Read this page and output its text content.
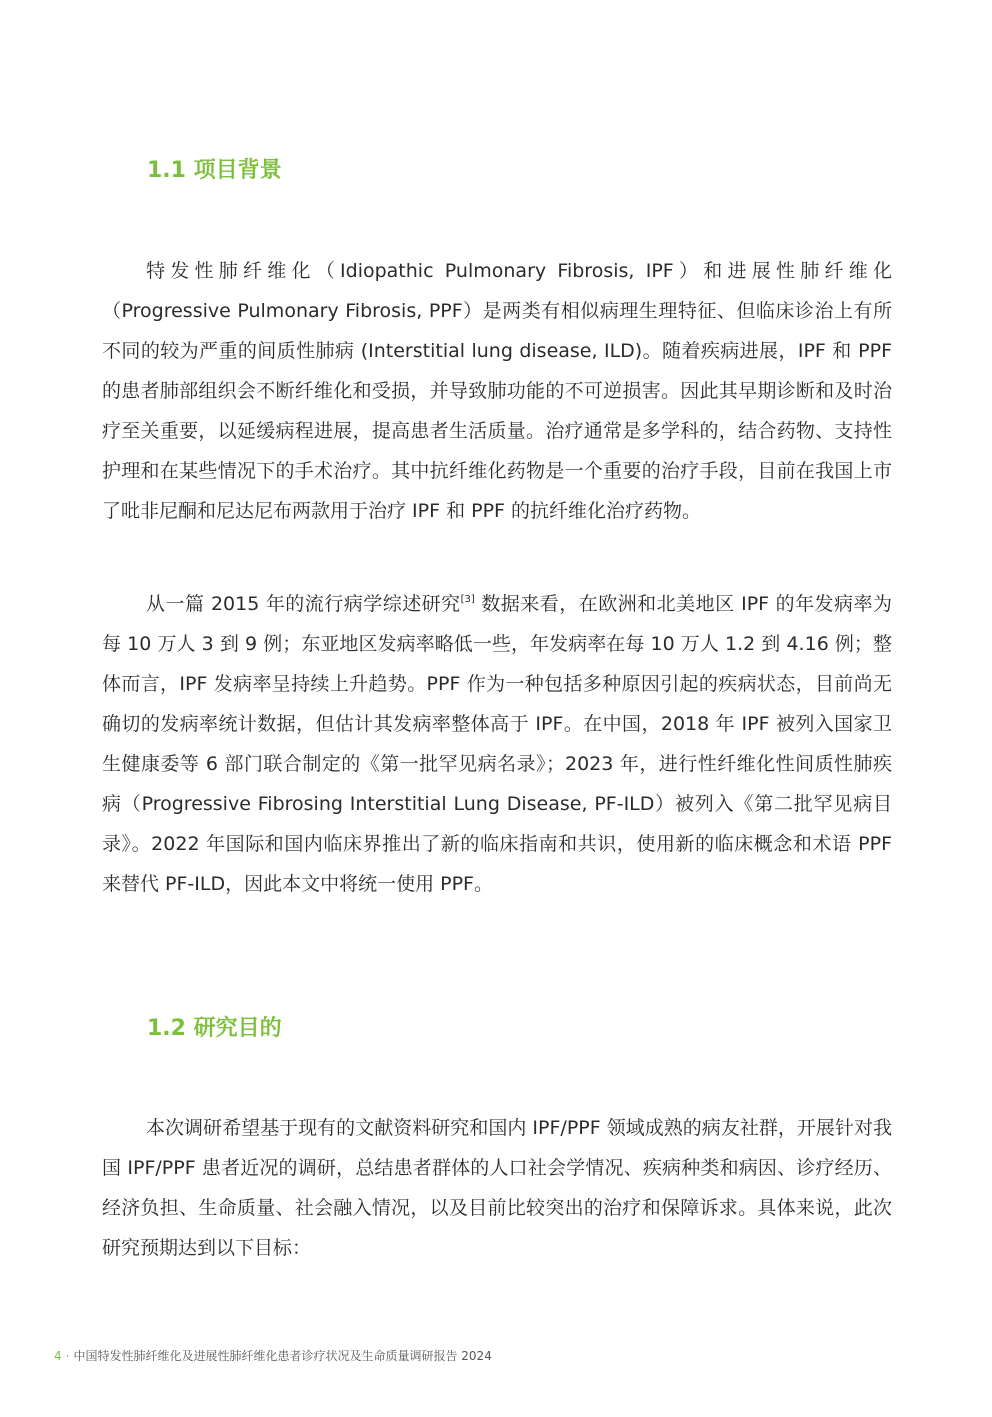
1.1 项目背景

特发性肺纤维化（Idiopathic Pulmonary Fibrosis, IPF）和进展性肺纤维化（Progressive Pulmonary Fibrosis, PPF）是两类有相似病理生理特征、但临床诊治上有所不同的较为严重的间质性肺病 (Interstitial lung disease, ILD)。随着疾病进展，IPF 和 PPF 的患者肺部组织会不断纤维化和受损，并导致肺功能的不可逆损害。因此其早期诊断和及时治疗至关重要，以延缓病程进展，提高患者生活质量。治疗通常是多学科的，结合药物、支持性护理和在某些情况下的手术治疗。其中抗纤维化药物是一个重要的治疗手段，目前在我国上市了吡非尼酮和尼达尼布两款用于治疗 IPF 和 PPF 的抗纤维化治疗药物。

从一篇 2015 年的流行病学综述研究[3] 数据来看，在欧洲和北美地区 IPF 的年发病率为每 10 万人 3 到 9 例；东亚地区发病率略低一些，年发病率在每 10 万人 1.2 到 4.16 例；整体而言，IPF 发病率呈持续上升趋势。PPF 作为一种包括多种原因引起的疾病状态，目前尚无确切的发病率统计数据，但估计其发病率整体高于 IPF。在中国，2018 年 IPF 被列入国家卫生健康委等 6 部门联合制定的《第一批罕见病名录》；2023 年，进行性纤维化性间质性肺疾病（Progressive Fibrosing Interstitial Lung Disease, PF-ILD）被列入《第二批罕见病目录》。2022 年国际和国内临床界推出了新的临床指南和共识，使用新的临床概念和术语 PPF 来替代 PF-ILD，因此本文中将统一使用 PPF。

1.2 研究目的

本次调研希望基于现有的文献资料研究和国内 IPF/PPF 领域成熟的病友社群，开展针对我国 IPF/PPF 患者近况的调研，总结患者群体的人口社会学情况、疾病种类和病因、诊疗经历、经济负担、生命质量、社会融入情况，以及目前比较突出的治疗和保障诉求。具体来说，此次研究预期达到以下目标：

4 · 中国特发性肺纤维化及进展性肺纤维化患者诊疗状况及生命质量调研报告 2024
